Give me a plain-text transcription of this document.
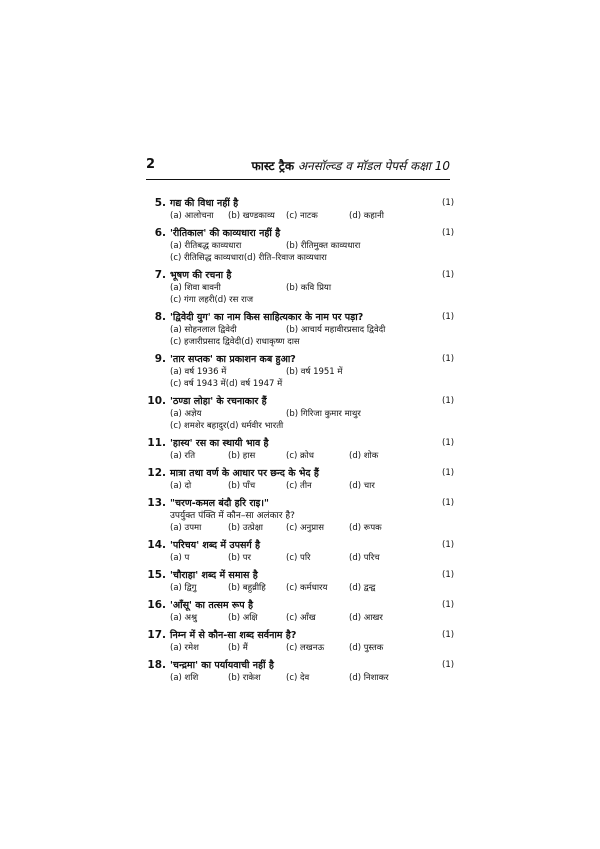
2	फास्ट ट्रैक अनसॉल्व्ड व मॉडल पेपर्स कक्षा 10
5. गद्य की विधा नहीं है	(1)
(a) आलोचना (b) खण्डकाव्य (c) नाटक	(d) कहानी
6. 'रीतिकाल' की काव्यधारा नहीं है	(1)
(a) रीतिबद्ध काव्यधारा	(b) रीतिमुक्त काव्यधारा
(c) रीतिसिद्ध काव्यधारा(d) रीति–रिवाज काव्यधारा
7. भूषण की रचना है	(1)
(a) शिवा बावनी	(b) कवि प्रिया
(c) गंगा लहरी(d) रस राज
8. 'द्विवेदी युग' का नाम किस साहित्यकार के नाम पर पड़ा?	(1)
(a) सोहनलाल द्विवेदी	(b) आचार्य महावीरप्रसाद द्विवेदी
(c) हजारीप्रसाद द्विवेदी(d) राधाकृष्ण दास
9. 'तार सप्तक' का प्रकाशन कब हुआ?	(1)
(a) वर्ष 1936 में	(b) वर्ष 1951 में
(c) वर्ष 1943 में(d) वर्ष 1947 में
10. 'ठण्डा लोहा' के रचनाकार हैं	(1)
(a) अज्ञेय	(b) गिरिजा कुमार माथुर
(c) शमशेर बहादुर(d) धर्मवीर भारती
11. 'हास्य' रस का स्थायी भाव है	(1)
(a) रति	(b) हास	(c) क्रोध	(d) शोक
12. मात्रा तथा वर्ण के आधार पर छन्द के भेद हैं	(1)
(a) दो	(b) पाँच	(c) तीन	(d) चार
13. "चरण-कमल बंदौ हरि राइ।"	(1)
उपर्युक्त पंक्ति में कौन–सा अलंकार है?
(a) उपमा	(b) उत्प्रेक्षा	(c) अनुप्रास	(d) रूपक
14. 'परिचय' शब्द में उपसर्ग है	(1)
(a) प	(b) पर	(c) परि	(d) परिच
15. 'चौराहा' शब्द में समास है	(1)
(a) द्विगु	(b) बहुव्रीहि (c) कर्मधारय	(d) द्वन्द्व
16. 'आँसू' का तत्सम रूप है	(1)
(a) अश्रु	(b) अक्षि	(c) आँख	(d) आखर
17. निम्न में से कौन-सा शब्द सर्वनाम है?	(1)
(a) रमेश	(b) मैं	(c) लखनऊ	(d) पुस्तक
18. 'चन्द्रमा' का पर्यायवाची नहीं है	(1)
(a) शशि	(b) राकेश	(c) देव	(d) निशाकर
